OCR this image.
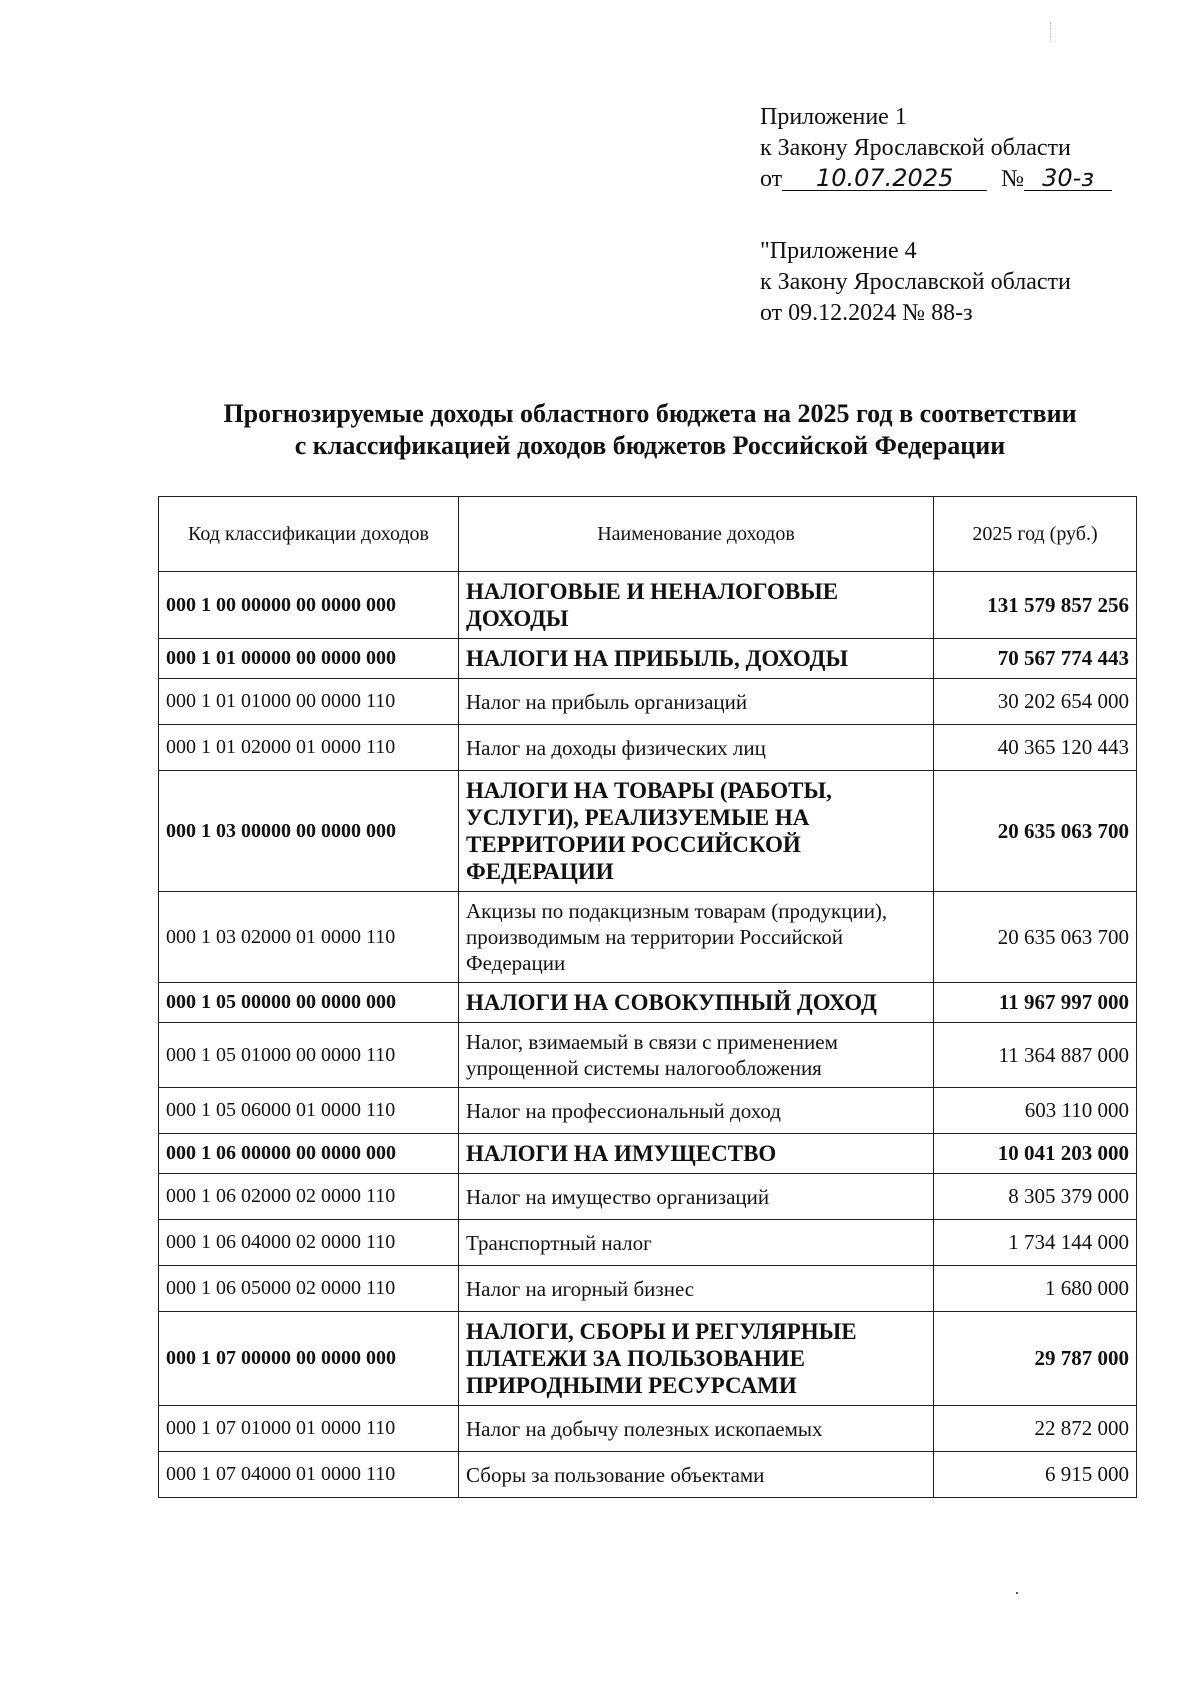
Приложение 1
к Закону Ярославской области
от 10.07.2025 № 30-з
"Приложение 4
к Закону Ярославской области
от 09.12.2024 № 88-з
Прогнозируемые доходы областного бюджета на 2025 год в соответствии
с классификацией доходов бюджетов Российской Федерации
Код классификации доходов	Наименование доходов	2025 год (руб.)
000 1 00 00000 00 0000 000	НАЛОГОВЫЕ И НЕНАЛОГОВЫЕ ДОХОДЫ	131 579 857 256
000 1 01 00000 00 0000 000	НАЛОГИ НА ПРИБЫЛЬ, ДОХОДЫ	70 567 774 443
000 1 01 01000 00 0000 110	Налог на прибыль организаций	30 202 654 000
000 1 01 02000 01 0000 110	Налог на доходы физических лиц	40 365 120 443
000 1 03 00000 00 0000 000	НАЛОГИ НА ТОВАРЫ (РАБОТЫ, УСЛУГИ), РЕАЛИЗУЕМЫЕ НА ТЕРРИТОРИИ РОССИЙСКОЙ ФЕДЕРАЦИИ	20 635 063 700
000 1 03 02000 01 0000 110	Акцизы по подакцизным товарам (продукции), производимым на территории Российской Федерации	20 635 063 700
000 1 05 00000 00 0000 000	НАЛОГИ НА СОВОКУПНЫЙ ДОХОД	11 967 997 000
000 1 05 01000 00 0000 110	Налог, взимаемый в связи с применением упрощенной системы налогообложения	11 364 887 000
000 1 05 06000 01 0000 110	Налог на профессиональный доход	603 110 000
000 1 06 00000 00 0000 000	НАЛОГИ НА ИМУЩЕСТВО	10 041 203 000
000 1 06 02000 02 0000 110	Налог на имущество организаций	8 305 379 000
000 1 06 04000 02 0000 110	Транспортный налог	1 734 144 000
000 1 06 05000 02 0000 110	Налог на игорный бизнес	1 680 000
000 1 07 00000 00 0000 000	НАЛОГИ, СБОРЫ И РЕГУЛЯРНЫЕ ПЛАТЕЖИ ЗА ПОЛЬЗОВАНИЕ ПРИРОДНЫМИ РЕСУРСАМИ	29 787 000
000 1 07 01000 01 0000 110	Налог на добычу полезных ископаемых	22 872 000
000 1 07 04000 01 0000 110	Сборы за пользование объектами	6 915 000
